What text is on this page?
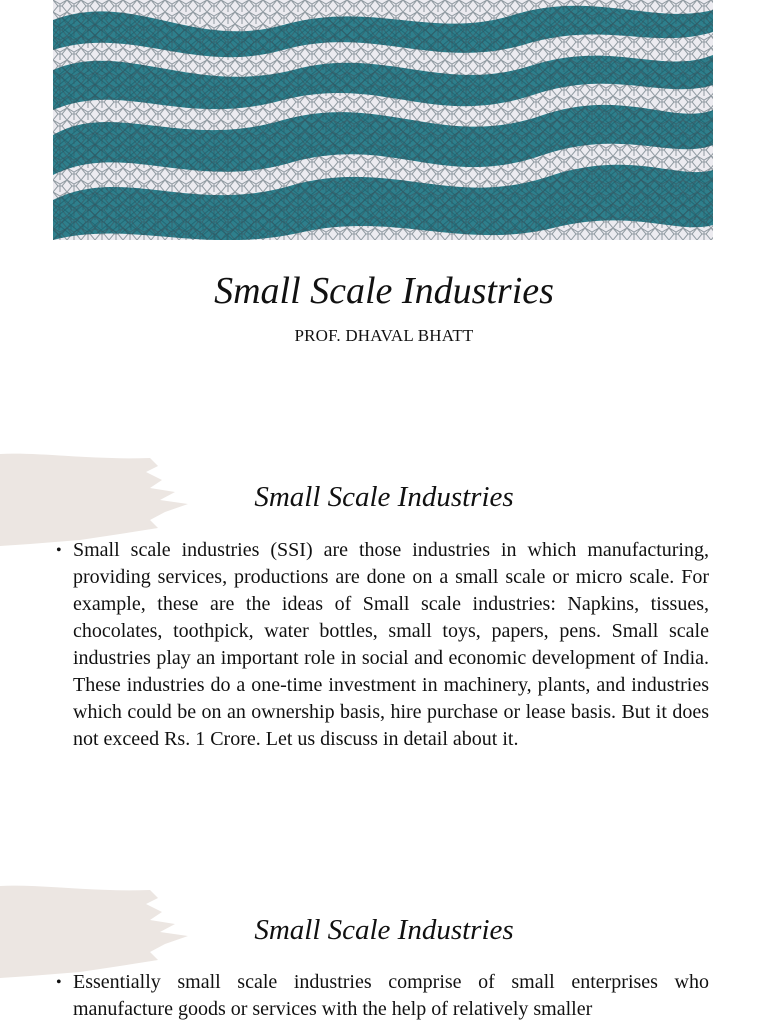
Small Scale Industries
PROF. DHAVAL BHATT
Small Scale Industries
• Small scale industries (SSI) are those industries in which manufacturing, providing services, productions are done on a small scale or micro scale. For example, these are the ideas of Small scale industries: Napkins, tissues, chocolates, toothpick, water bottles, small toys, papers, pens. Small scale industries play an important role in social and economic development of India. These industries do a one-time investment in machinery, plants, and industries which could be on an ownership basis, hire purchase or lease basis. But it does not exceed Rs. 1 Crore. Let us discuss in detail about it.
Small Scale Industries
• Essentially small scale industries comprise of small enterprises who manufacture goods or services with the help of relatively smaller
